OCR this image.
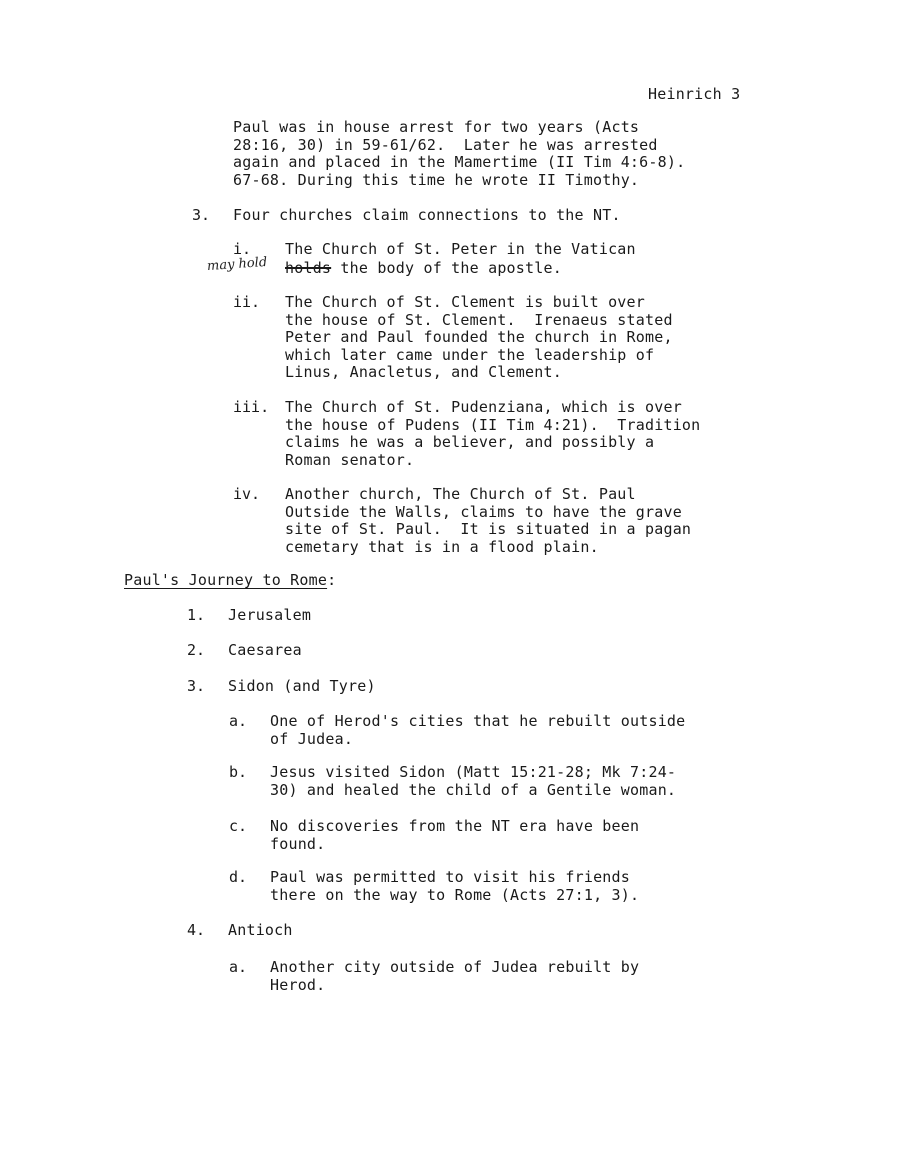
Heinrich 3
Paul was in house arrest for two years (Acts
28:16, 30) in 59-61/62.  Later he was arrested
again and placed in the Mamertime (II Tim 4:6-8).
67-68. During this time he wrote II Timothy.
3. Four churches claim connections to the NT.
i. The Church of St. Peter in the Vatican
may hold holds the body of the apostle.
ii. The Church of St. Clement is built over
the house of St. Clement.  Irenaeus stated
Peter and Paul founded the church in Rome,
which later came under the leadership of
Linus, Anacletus, and Clement.
iii. The Church of St. Pudenziana, which is over
the house of Pudens (II Tim 4:21).  Tradition
claims he was a believer, and possibly a
Roman senator.
iv. Another church, The Church of St. Paul
Outside the Walls, claims to have the grave
site of St. Paul.  It is situated in a pagan
cemetary that is in a flood plain.
Paul's Journey to Rome:
1. Jerusalem
2. Caesarea
3. Sidon (and Tyre)
a. One of Herod's cities that he rebuilt outside
of Judea.
b. Jesus visited Sidon (Matt 15:21-28; Mk 7:24-
30) and healed the child of a Gentile woman.
c. No discoveries from the NT era have been
found.
d. Paul was permitted to visit his friends
there on the way to Rome (Acts 27:1, 3).
4. Antioch
a. Another city outside of Judea rebuilt by
Herod.
